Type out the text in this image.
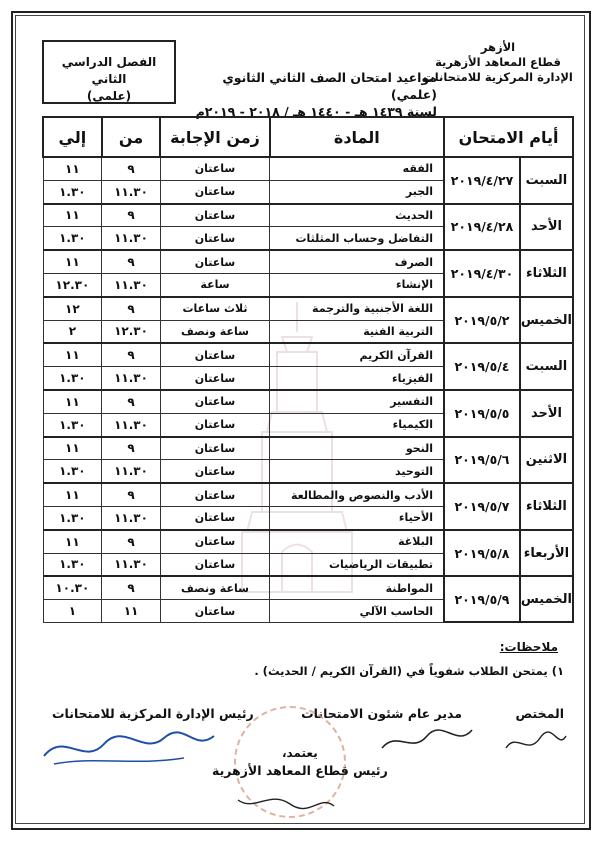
الأزهر
قطاع المعاهد الأزهرية
الإدارة المركزية للامتحانات
الفصل الدراسي الثاني
(علمي)
مواعيد امتحان الصف الثاني الثانوي (علمي)
لسنة ١٤٣٩ هـ - ١٤٤٠ هـ / ٢٠١٨ - ٢٠١٩م
أيام الامتحان		المادة	زمن الإجابة	من	إلي
السبت	٢٠١٩/٤/٢٧	الفقه	ساعتان	٩	١١
		الجبر	ساعتان	١١.٣٠	١.٣٠
الأحد	٢٠١٩/٤/٢٨	الحديث	ساعتان	٩	١١
		التفاضل وحساب المثلثات	ساعتان	١١.٣٠	١.٣٠
الثلاثاء	٢٠١٩/٤/٣٠	الصرف	ساعتان	٩	١١
		الإنشاء	ساعة	١١.٣٠	١٢.٣٠
الخميس	٢٠١٩/٥/٢	اللغة الأجنبية والترجمة	ثلاث ساعات	٩	١٢
		التربية الفنية	ساعة ونصف	١٢.٣٠	٢
السبت	٢٠١٩/٥/٤	القرآن الكريم	ساعتان	٩	١١
		الفيزياء	ساعتان	١١.٣٠	١.٣٠
الأحد	٢٠١٩/٥/٥	التفسير	ساعتان	٩	١١
		الكيمياء	ساعتان	١١.٣٠	١.٣٠
الاثنين	٢٠١٩/٥/٦	النحو	ساعتان	٩	١١
		التوحيد	ساعتان	١١.٣٠	١.٣٠
الثلاثاء	٢٠١٩/٥/٧	الأدب والنصوص والمطالعة	ساعتان	٩	١١
		الأحياء	ساعتان	١١.٣٠	١.٣٠
الأربعاء	٢٠١٩/٥/٨	البلاغة	ساعتان	٩	١١
		تطبيقات الرياضيات	ساعتان	١١.٣٠	١.٣٠
الخميس	٢٠١٩/٥/٩	المواطنة	ساعة ونصف	٩	١٠.٣٠
		الحاسب الآلي	ساعتان	١١	١
ملاحظات:
١) يمتحن الطلاب شفوياً في (القرآن الكريم / الحديث) .
المختص
مدير عام شئون الامتحانات
رئيس الإدارة المركزية للامتحانات
يعتمد،
رئيس قطاع المعاهد الأزهرية
